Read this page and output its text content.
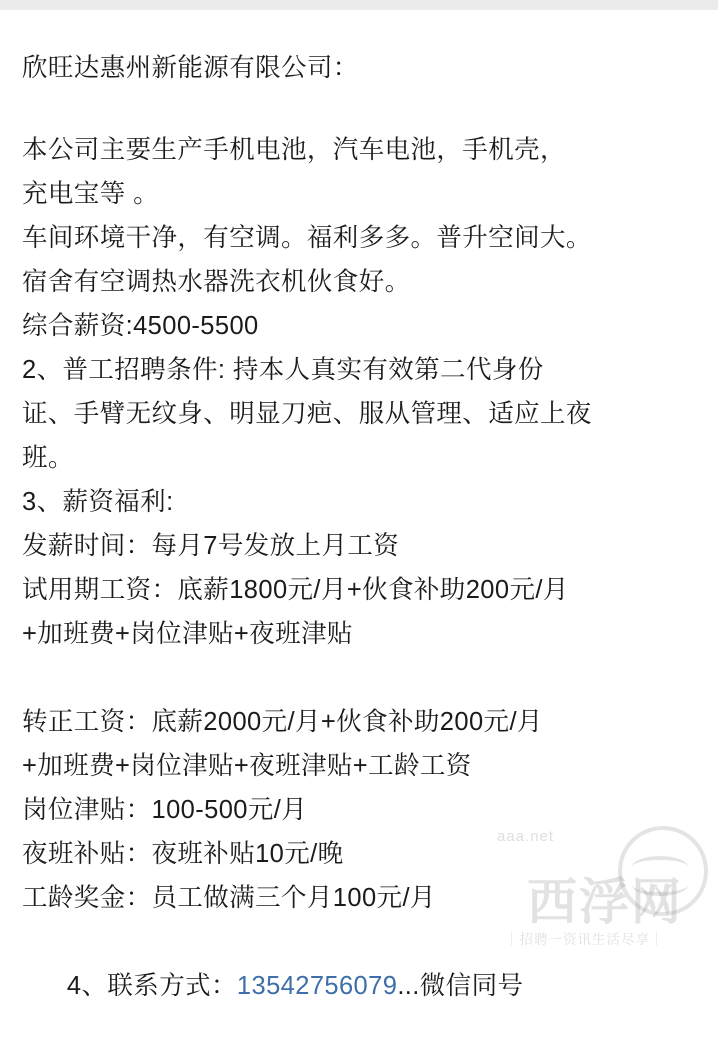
欣旺达惠州新能源有限公司：
本公司主要生产手机电池，汽车电池，手机壳，
充电宝等 。
车间环境干净，有空调。福利多多。普升空间大。
宿舍有空调热水器洗衣机伙食好。
综合薪资:4500-5500
2、普工招聘条件: 持本人真实有效第二代身份
证、手臂无纹身、明显刀疤、服从管理、适应上夜
班。
3、薪资福利:
发薪时间：每月7号发放上月工资
试用期工资：底薪1800元/月+伙食补助200元/月
+加班费+岗位津贴+夜班津贴
转正工资：底薪2000元/月+伙食补助200元/月
+加班费+岗位津贴+夜班津贴+工龄工资
岗位津贴：100-500元/月
夜班补贴：夜班补贴10元/晚
工龄奖金：员工做满三个月100元/月

4、联系方式：13542756079...微信同号

aaa.net
西浮网
｜招聘一资讯生活尽享｜
